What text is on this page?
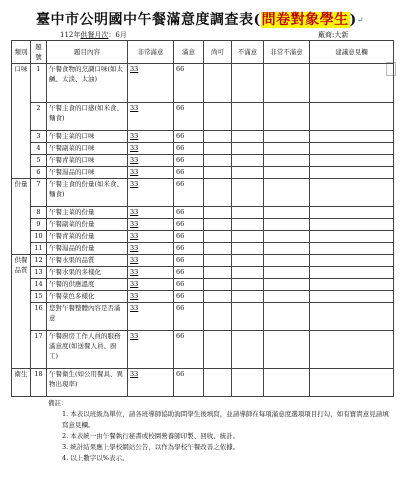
臺中市公明國中午餐滿意度調查表(問卷對象學生)↵
112年供餐月次：6月	廠商:大新
類別	題號	題目內容	非常滿意	滿意	尚可	不滿意	非常不滿意	建議意見欄
口味	1	午餐食物的烹調口味(如太鹹、太淡、太油)	33	66				
	2	午餐主食的口感(如米食、麵食)	33	66				
	3	午餐主菜的口味	33	66				
	4	午餐副菜的口味	33	66				
	5	午餐青菜的口味	33	66				
	6	午餐湯品的口味	33	66				
份量	7	午餐主食的份量(如米食、麵食)	33	66				
	8	午餐主菜的份量	33	66				
	9	午餐副菜的份量	33	66				
	10	午餐青菜的份量	33	66				
	11	午餐湯品的份量	33	66				
供餐品質	12	午餐水果的品質	33	66				
	13	午餐水果的多樣化	33	66				
	14	午餐的供應溫度	33	66				
	15	午餐菜色多樣化	33	66				
	16	您對午餐整體內容是否滿意	33	66				
	17	午餐廚房工作人員的服務滿意度(如送餐人員、廚工)	33	66				
衛生	18	午餐衛生(如公用餐具、異物出現率)	33	66				
備註：
1. 本表以班級為單位，請各班導師協助詢問學生後填寫，並請導師在每項滿意度選項項目打勾，如有寶貴意見請填寫意見欄。
2. 本表統一由午餐執行秘書或校園營養師印製、回收、統計。
3. 統計結果應上學校網站公告，以作為學校午餐改善之依據。
4. 以上數字以%表示。
